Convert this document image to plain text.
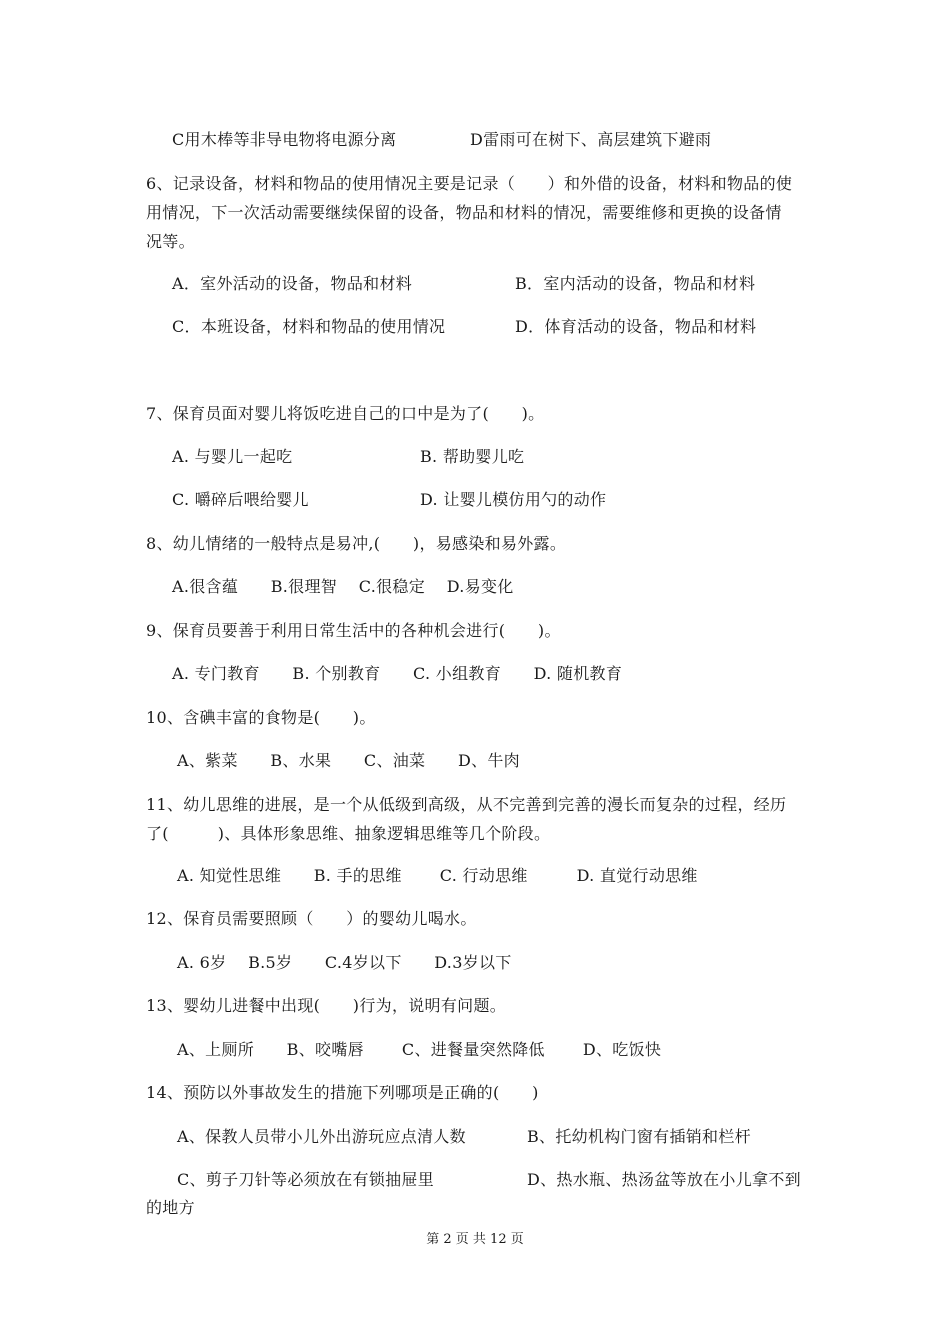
C用木棒等非导电物将电源分离	D雷雨可在树下、高层建筑下避雨
6、记录设备，材料和物品的使用情况主要是记录（　　）和外借的设备，材料和物品的使
用情况，下一次活动需要继续保留的设备，物品和材料的情况，需要维修和更换的设备情
况等。
A．室外活动的设备，物品和材料	B．室内活动的设备，物品和材料
C．本班设备，材料和物品的使用情况	D．体育活动的设备，物品和材料
7、保育员面对婴儿将饭吃进自己的口中是为了(　　)。
A. 与婴儿一起吃	B. 帮助婴儿吃
C. 嚼碎后喂给婴儿	D. 让婴儿模仿用勺的动作
8、幼儿情绪的一般特点是易冲,(　　)，易感染和易外露。
A.很含蕴　　B.很理智　 C.很稳定　 D.易变化
9、保育员要善于利用日常生活中的各种机会进行(　　)。
A. 专门教育　　B. 个别教育　　C. 小组教育　　D. 随机教育
10、含碘丰富的食物是(　　)。
A、紫菜　　B、水果　　C、油菜　　D、牛肉
11、幼儿思维的进展，是一个从低级到高级，从不完善到完善的漫长而复杂的过程，经历
了(　　　)、具体形象思维、抽象逻辑思维等几个阶段。
A. 知觉性思维　　B. 手的思维　　 C. 行动思维　　　D. 直觉行动思维
12、保育员需要照顾（　　）的婴幼儿喝水。
A. 6岁　 B.5岁　　C.4岁以下　　D.3岁以下
13、婴幼儿进餐中出现(　　)行为，说明有问题。
A、上厕所　　B、咬嘴唇　　 C、进餐量突然降低　　 D、吃饭快
14、预防以外事故发生的措施下列哪项是正确的(　　)
A、保教人员带小儿外出游玩应点清人数	B、托幼机构门窗有插销和栏杆
C、剪子刀针等必须放在有锁抽屉里	D、热水瓶、热汤盆等放在小儿拿不到
的地方
第 2 页 共 12 页
